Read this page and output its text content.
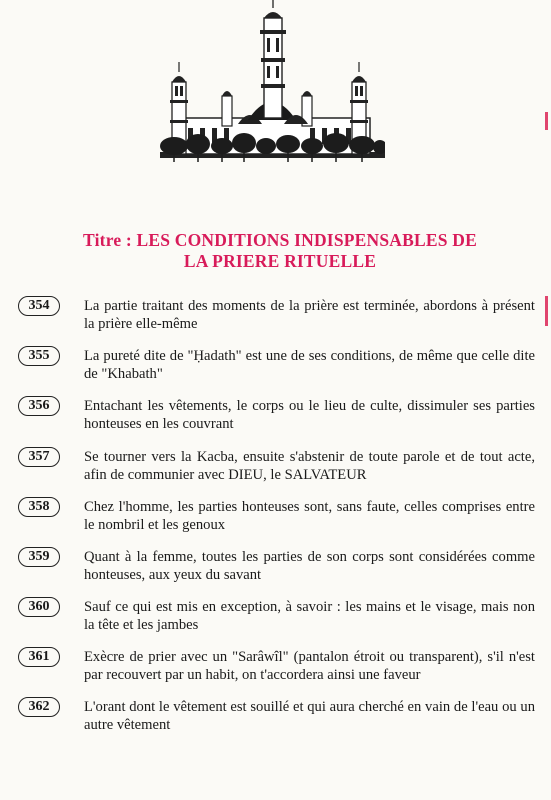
Titre : LES CONDITIONS INDISPENSABLES DE
LA PRIERE RITUELLE
354	La partie traitant des moments de la prière est terminée, abordons à présent la prière elle-même
355	La pureté dite de "Ḥadath" est une de ses conditions, de même que celle dite de "Khabath"
356	Entachant les vêtements, le corps ou le lieu de culte, dissimuler ses parties honteuses en les couvrant
357	Se tourner vers la Kacba, ensuite s'abstenir de toute parole et de tout acte, afin de communier avec DIEU, le SALVATEUR
358	Chez l'homme, les parties honteuses sont, sans faute, celles comprises entre le nombril et les genoux
359	Quant à la femme, toutes les parties de son corps sont considérées comme honteuses, aux yeux du savant
360	Sauf ce qui est mis en exception, à savoir : les mains et le visage, mais non la tête et les jambes
361	Exècre de prier avec un "Sarâwîl" (pantalon étroit ou transparent), s'il n'est par recouvert par un habit, on t'accordera ainsi une faveur
362	L'orant dont le vêtement est souillé et qui aura cherché en vain de l'eau ou un autre vêtement
